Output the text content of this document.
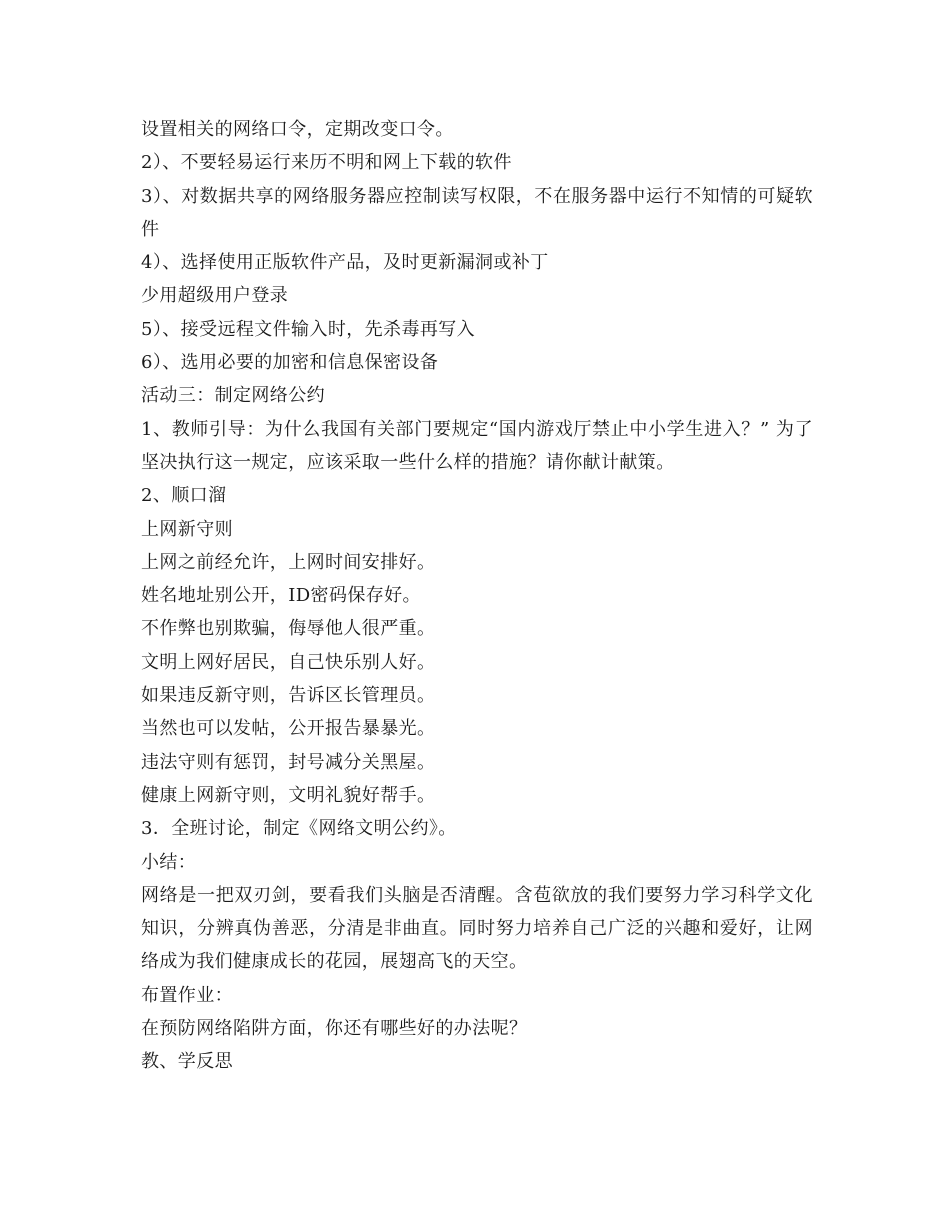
设置相关的网络口令，定期改变口令。
2）、不要轻易运行来历不明和网上下载的软件
3）、对数据共享的网络服务器应控制读写权限，不在服务器中运行不知情的可疑软件
4）、选择使用正版软件产品，及时更新漏洞或补丁
少用超级用户登录
5）、接受远程文件输入时，先杀毒再写入
6）、选用必要的加密和信息保密设备
活动三：制定网络公约
1、教师引导：为什么我国有关部门要规定“国内游戏厅禁止中小学生进入？” 为了坚决执行这一规定，应该采取一些什么样的措施？请你献计献策。
2、顺口溜
上网新守则
上网之前经允许，上网时间安排好。
姓名地址别公开，ID密码保存好。
不作弊也别欺骗，侮辱他人很严重。
文明上网好居民，自己快乐别人好。
如果违反新守则，告诉区长管理员。
当然也可以发帖，公开报告暴暴光。
违法守则有惩罚，封号减分关黑屋。
健康上网新守则，文明礼貌好帮手。
3．全班讨论，制定《网络文明公约》。
小结：
网络是一把双刃剑，要看我们头脑是否清醒。含苞欲放的我们要努力学习科学文化知识，分辨真伪善恶，分清是非曲直。同时努力培养自己广泛的兴趣和爱好，让网络成为我们健康成长的花园，展翅高飞的天空。
布置作业：
在预防网络陷阱方面，你还有哪些好的办法呢？
教、学反思
